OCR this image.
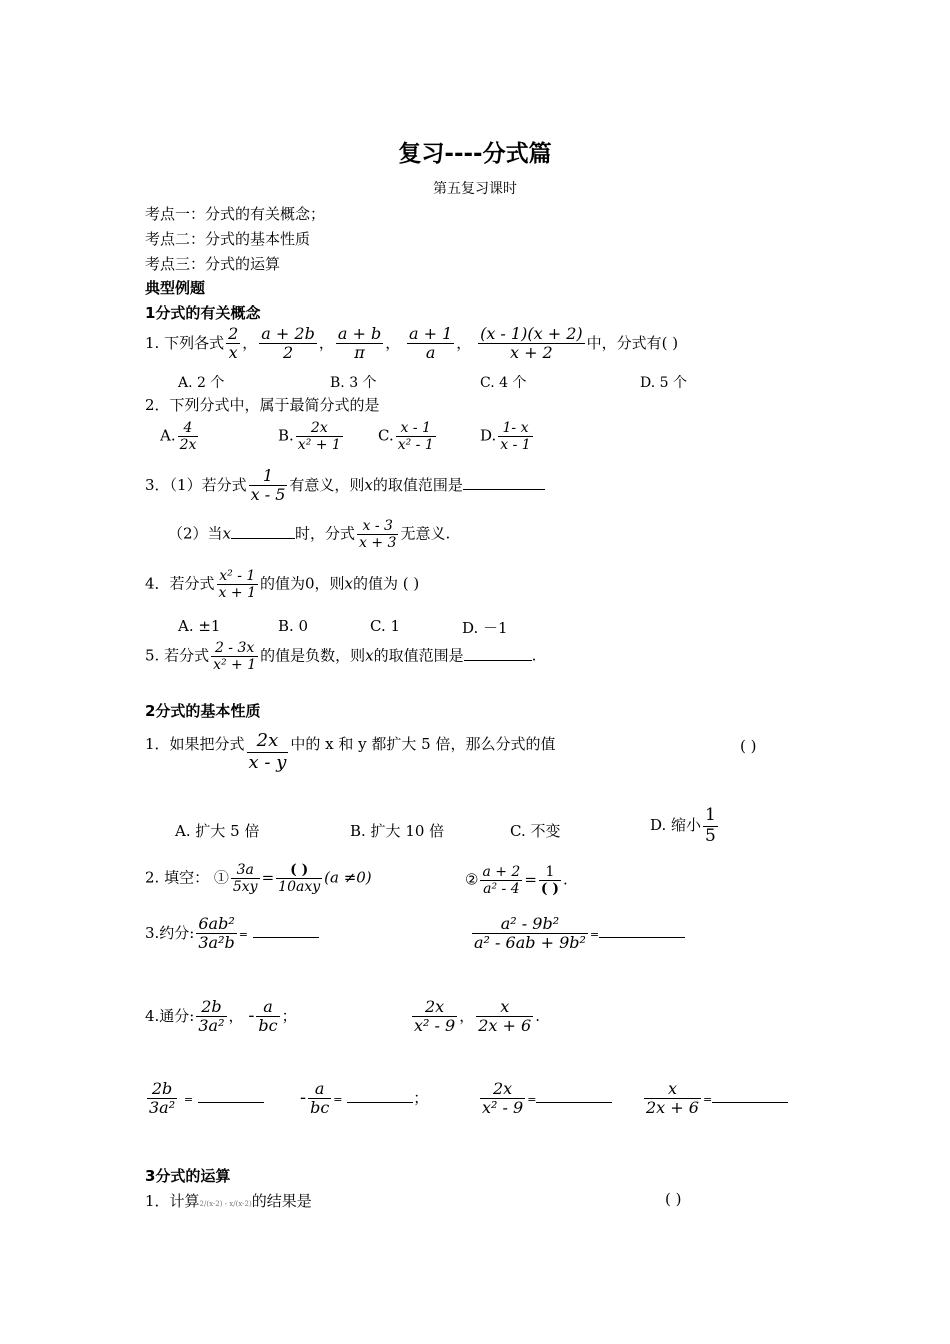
复习----分式篇
第五复习课时
考点一：分式的有关概念；
考点二：分式的基本性质
考点三：分式的运算
典型例题
1分式的有关概念
1. 下列各式 $\frac{2}{x}$ ， $\frac{a + 2b}{2}$ ， $\frac{a + b}{\pi}$ ， $\frac{a + 1}{a}$ ， $\frac{(x - 1)(x + 2)}{x + 2}$ 中，分式有( )
A. 2 个	B. 3 个	C. 4 个	D. 5 个
2．下列分式中，属于最简分式的是
A. $\frac{4}{2x}$	B. $\frac{2x}{\text{x² + 1}} C$. $\frac{x - 1}{\text{x² - 1}}$	D. $\frac{1- x}{x - 1}$
3．（1）若分式 $\frac{1}{x - 5}$ 有意义，则x的取值范围是
（2）当x	时，分式 $\frac{x - 3}{x + 3}$ 无意义.
4．若分式 $\frac{\text{x² - 1}}{x + 1}$ 的值为0，则x的值为 ( )
A. ±1	B. 0	C. 1	D. －1
5. 若分式 $\frac{2 - 3x}{\text{x² + 1}}$ 的值是负数，则x的取值范围是	.
2分式的基本性质
1．如果把分式 $\frac{2x}{x - y}$ 中的 x 和 y 都扩大 5 倍，那么分式的值	( )
A. 扩大 5 倍	B. 扩大 10 倍	C. 不变	D. 缩小 $\frac{1}{5}$
2. 填空： ① $\frac{3a}{5xy} = \frac{( )}{\text{10axy}} (a \ne 0)$	② $\frac{a + 2}{\text{a² - 4}} = \frac{1}{( )}$ .
3.约分: $\frac{\text{6ab²}}{\text{3a²b}}$ =	$\frac{\text{a² - 9b²}}{\text{a² - 6ab + 9b²}}$ =
4.通分: $\frac{2b}{\text{3a²}}$ ， - $\frac{a}{bc}$ ；	$\frac{2x}{\text{x² - 9}}$ ， $\frac{x}{2x + 6}$ .
$\frac{2b}{\text{3a²}}$ =	- $\frac{a}{bc}$ =	；	$\frac{2x}{\text{x² - 9}}$ =	$\frac{x}{2x + 6}$ =
3分式的运算
1．计算2/(x-2) - x/(x-2)的结果是	( )
